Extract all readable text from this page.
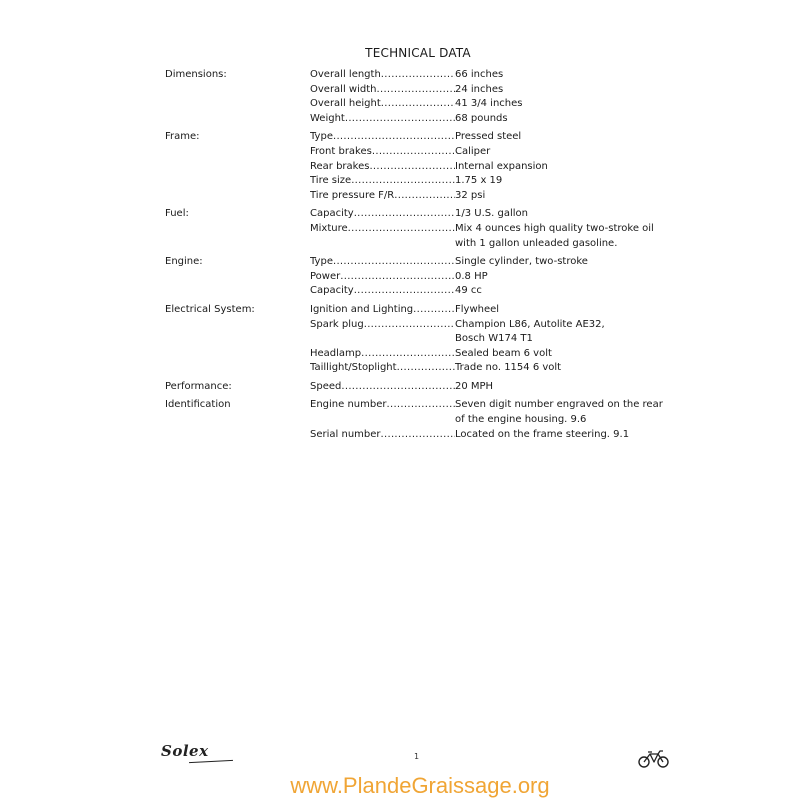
TECHNICAL DATA
Dimensions:	Overall length .....	66 inches
Overall width .....	24 inches
Overall height .....	41 3/4 inches
Weight .....	68 pounds
Frame:	Type .....	Pressed steel
Front brakes .....	Caliper
Rear brakes .....	Internal expansion
Tire size .....	1.75 x 19
Tire pressure F/R .....	32 psi
Fuel:	Capacity .....	1/3 U.S. gallon
Mixture .....	Mix 4 ounces high quality two-stroke oil
with 1 gallon unleaded gasoline.
Engine:	Type .....	Single cylinder, two-stroke
Power .....	0.8 HP
Capacity .....	49 cc
Electrical System:	Ignition and Lighting .....	Flywheel
Spark plug .....	Champion L86, Autolite AE32,
Bosch W174 T1
Headlamp .....	Sealed beam 6 volt
Taillight/Stoplight .....	Trade no. 1154 6 volt
Performance:	Speed .....	20 MPH
Identification	Engine number .....	Seven digit number engraved on the rear
of the engine housing. 9.6
Serial number .....	Located on the frame steering. 9.1
Solex	1
www.PlandeGraissage.org
